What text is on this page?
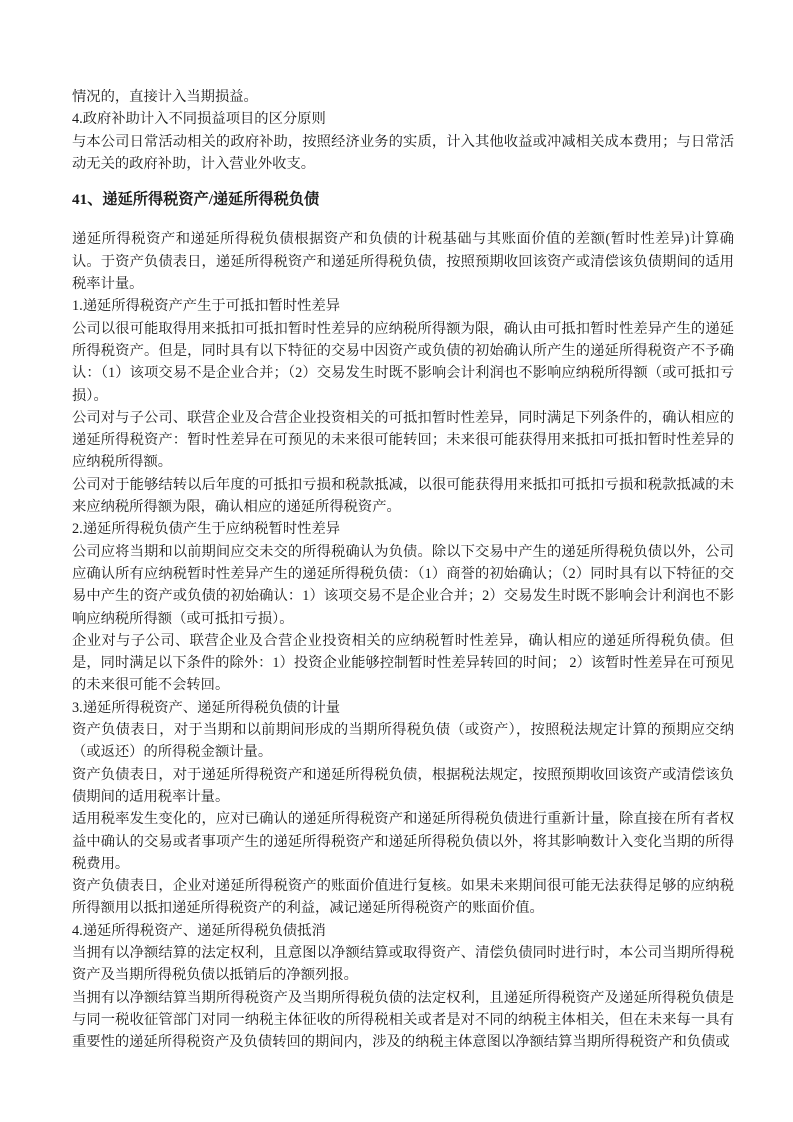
情况的，直接计入当期损益。

4.政府补助计入不同损益项目的区分原则

与本公司日常活动相关的政府补助，按照经济业务的实质，计入其他收益或冲减相关成本费用；与日常活动无关的政府补助，计入营业外收支。

41、递延所得税资产/递延所得税负债

递延所得税资产和递延所得税负债根据资产和负债的计税基础与其账面价值的差额(暂时性差异)计算确认。于资产负债表日，递延所得税资产和递延所得税负债，按照预期收回该资产或清偿该负债期间的适用税率计量。

1.递延所得税资产产生于可抵扣暂时性差异

公司以很可能取得用来抵扣可抵扣暂时性差异的应纳税所得额为限，确认由可抵扣暂时性差异产生的递延所得税资产。但是，同时具有以下特征的交易中因资产或负债的初始确认所产生的递延所得税资产不予确认：（1）该项交易不是企业合并；（2）交易发生时既不影响会计利润也不影响应纳税所得额（或可抵扣亏损）。

公司对与子公司、联营企业及合营企业投资相关的可抵扣暂时性差异，同时满足下列条件的，确认相应的递延所得税资产：暂时性差异在可预见的未来很可能转回；未来很可能获得用来抵扣可抵扣暂时性差异的应纳税所得额。

公司对于能够结转以后年度的可抵扣亏损和税款抵减，以很可能获得用来抵扣可抵扣亏损和税款抵减的未来应纳税所得额为限，确认相应的递延所得税资产。

2.递延所得税负债产生于应纳税暂时性差异

公司应将当期和以前期间应交未交的所得税确认为负债。除以下交易中产生的递延所得税负债以外，公司应确认所有应纳税暂时性差异产生的递延所得税负债：（1）商誉的初始确认；（2）同时具有以下特征的交易中产生的资产或负债的初始确认：1）该项交易不是企业合并；2）交易发生时既不影响会计利润也不影响应纳税所得额（或可抵扣亏损）。

企业对与子公司、联营企业及合营企业投资相关的应纳税暂时性差异，确认相应的递延所得税负债。但是，同时满足以下条件的除外：1）投资企业能够控制暂时性差异转回的时间； 2）该暂时性差异在可预见的未来很可能不会转回。

3.递延所得税资产、递延所得税负债的计量

资产负债表日，对于当期和以前期间形成的当期所得税负债（或资产），按照税法规定计算的预期应交纳（或返还）的所得税金额计量。

资产负债表日，对于递延所得税资产和递延所得税负债，根据税法规定，按照预期收回该资产或清偿该负债期间的适用税率计量。

适用税率发生变化的，应对已确认的递延所得税资产和递延所得税负债进行重新计量，除直接在所有者权益中确认的交易或者事项产生的递延所得税资产和递延所得税负债以外，将其影响数计入变化当期的所得税费用。

资产负债表日，企业对递延所得税资产的账面价值进行复核。如果未来期间很可能无法获得足够的应纳税所得额用以抵扣递延所得税资产的利益，减记递延所得税资产的账面价值。

4.递延所得税资产、递延所得税负债抵消

当拥有以净额结算的法定权利，且意图以净额结算或取得资产、清偿负债同时进行时，本公司当期所得税资产及当期所得税负债以抵销后的净额列报。

当拥有以净额结算当期所得税资产及当期所得税负债的法定权利，且递延所得税资产及递延所得税负债是与同一税收征管部门对同一纳税主体征收的所得税相关或者是对不同的纳税主体相关，但在未来每一具有重要性的递延所得税资产及负债转回的期间内，涉及的纳税主体意图以净额结算当期所得税资产和负债或
